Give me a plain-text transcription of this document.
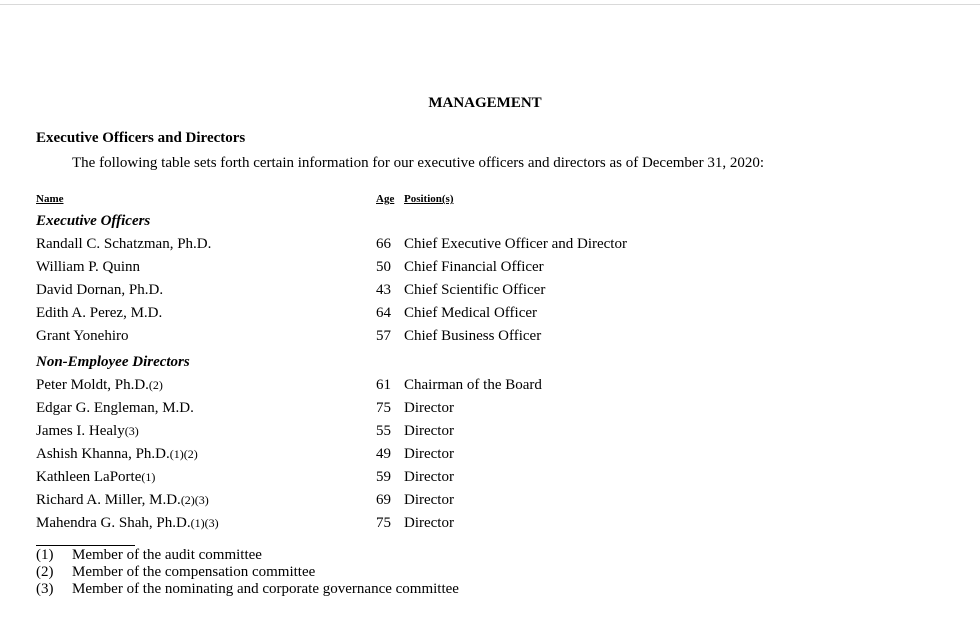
MANAGEMENT
Executive Officers and Directors
The following table sets forth certain information for our executive officers and directors as of December 31, 2020:
Name	Age Position(s)
Executive Officers
Randall C. Schatzman, Ph.D.	66 Chief Executive Officer and Director
William P. Quinn	50 Chief Financial Officer
David Dornan, Ph.D.	43 Chief Scientific Officer
Edith A. Perez, M.D.	64 Chief Medical Officer
Grant Yonehiro	57 Chief Business Officer
Non-Employee Directors
Peter Moldt, Ph.D.(2)	61 Chairman of the Board
Edgar G. Engleman, M.D.	75 Director
James I. Healy(3)	55 Director
Ashish Khanna, Ph.D.(1)(2)	49 Director
Kathleen LaPorte(1)	59 Director
Richard A. Miller, M.D.(2)(3)	69 Director
Mahendra G. Shah, Ph.D.(1)(3)	75 Director
(1) Member of the audit committee
(2) Member of the compensation committee
(3) Member of the nominating and corporate governance committee
